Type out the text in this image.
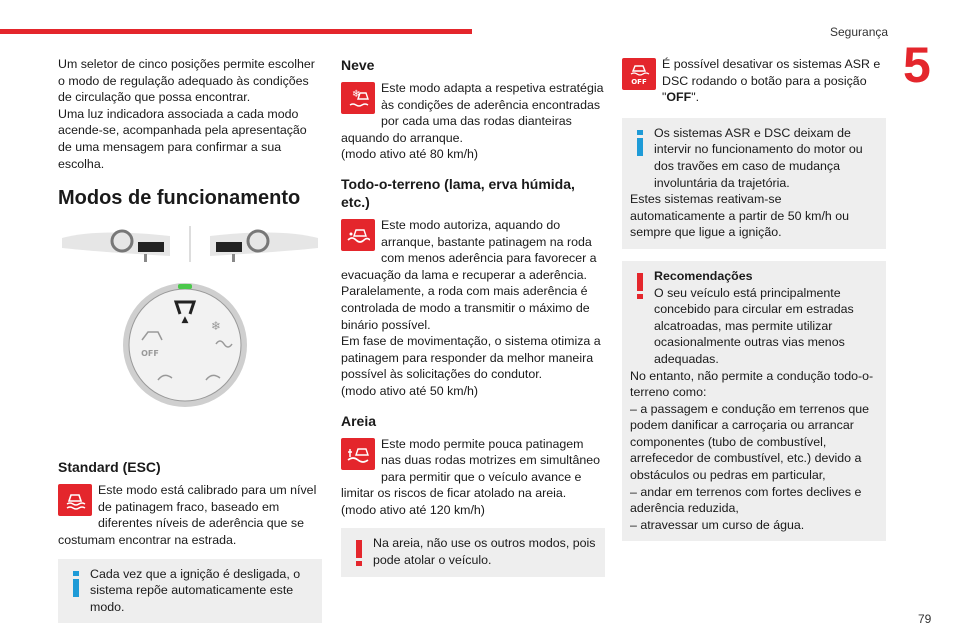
Segurança
5
79

Um seletor de cinco posições permite escolher o modo de regulação adequado às condições de circulação que possa encontrar.

Uma luz indicadora associada a cada modo acende-se, acompanhada pela apresentação de uma mensagem para confirmar a sua escolha.

Modos de funcionamento
▲ ❄
OFF
Standard (ESC)

Este modo está calibrado para um nível de patinagem fraco, baseado em diferentes níveis de aderência que se costumam encontrar na estrada.

Cada vez que a ignição é desligada, o sistema repõe automaticamente este modo.

Neve
❄	Este modo adapta a respetiva estratégia às condições de aderência encontradas por cada uma das rodas dianteiras aquando do arranque.

(modo ativo até 80 km/h)

Todo-o-terreno (lama, erva húmida, etc.)

Este modo autoriza, aquando do arranque, bastante patinagem na roda com menos aderência para favorecer a evacuação da lama e recuperar a aderência.

Paralelamente, a roda com mais aderência é controlada de modo a transmitir o máximo de binário possível.

Em fase de movimentação, o sistema otimiza a patinagem para responder da melhor maneira possível às solicitações do condutor.

(modo ativo até 50 km/h)

Areia

Este modo permite pouca patinagem nas duas rodas motrizes em simultâneo para permitir que o veículo avance e limitar os riscos de ficar atolado na areia.

(modo ativo até 120 km/h)

Na areia, não use os outros modos, pois pode atolar o veículo.

OFF

É possível desativar os sistemas ASR e DSC rodando o botão para a posição "OFF".

Os sistemas ASR e DSC deixam de intervir no funcionamento do motor ou dos travões em caso de mudança involuntária da trajetória.

Estes sistemas reativam-se automaticamente a partir de 50 km/h ou sempre que ligue a ignição.

Recomendações

O seu veículo está principalmente concebido para circular em estradas alcatroadas, mas permite utilizar ocasionalmente outras vias menos adequadas.

No entanto, não permite a condução todo-o-terreno como:

– a passagem e condução em terrenos que podem danificar a carroçaria ou arrancar componentes (tubo de combustível, arrefecedor de combustível, etc.) devido a obstáculos ou pedras em particular,

– andar em terrenos com fortes declives e aderência reduzida,

– atravessar um curso de água.
